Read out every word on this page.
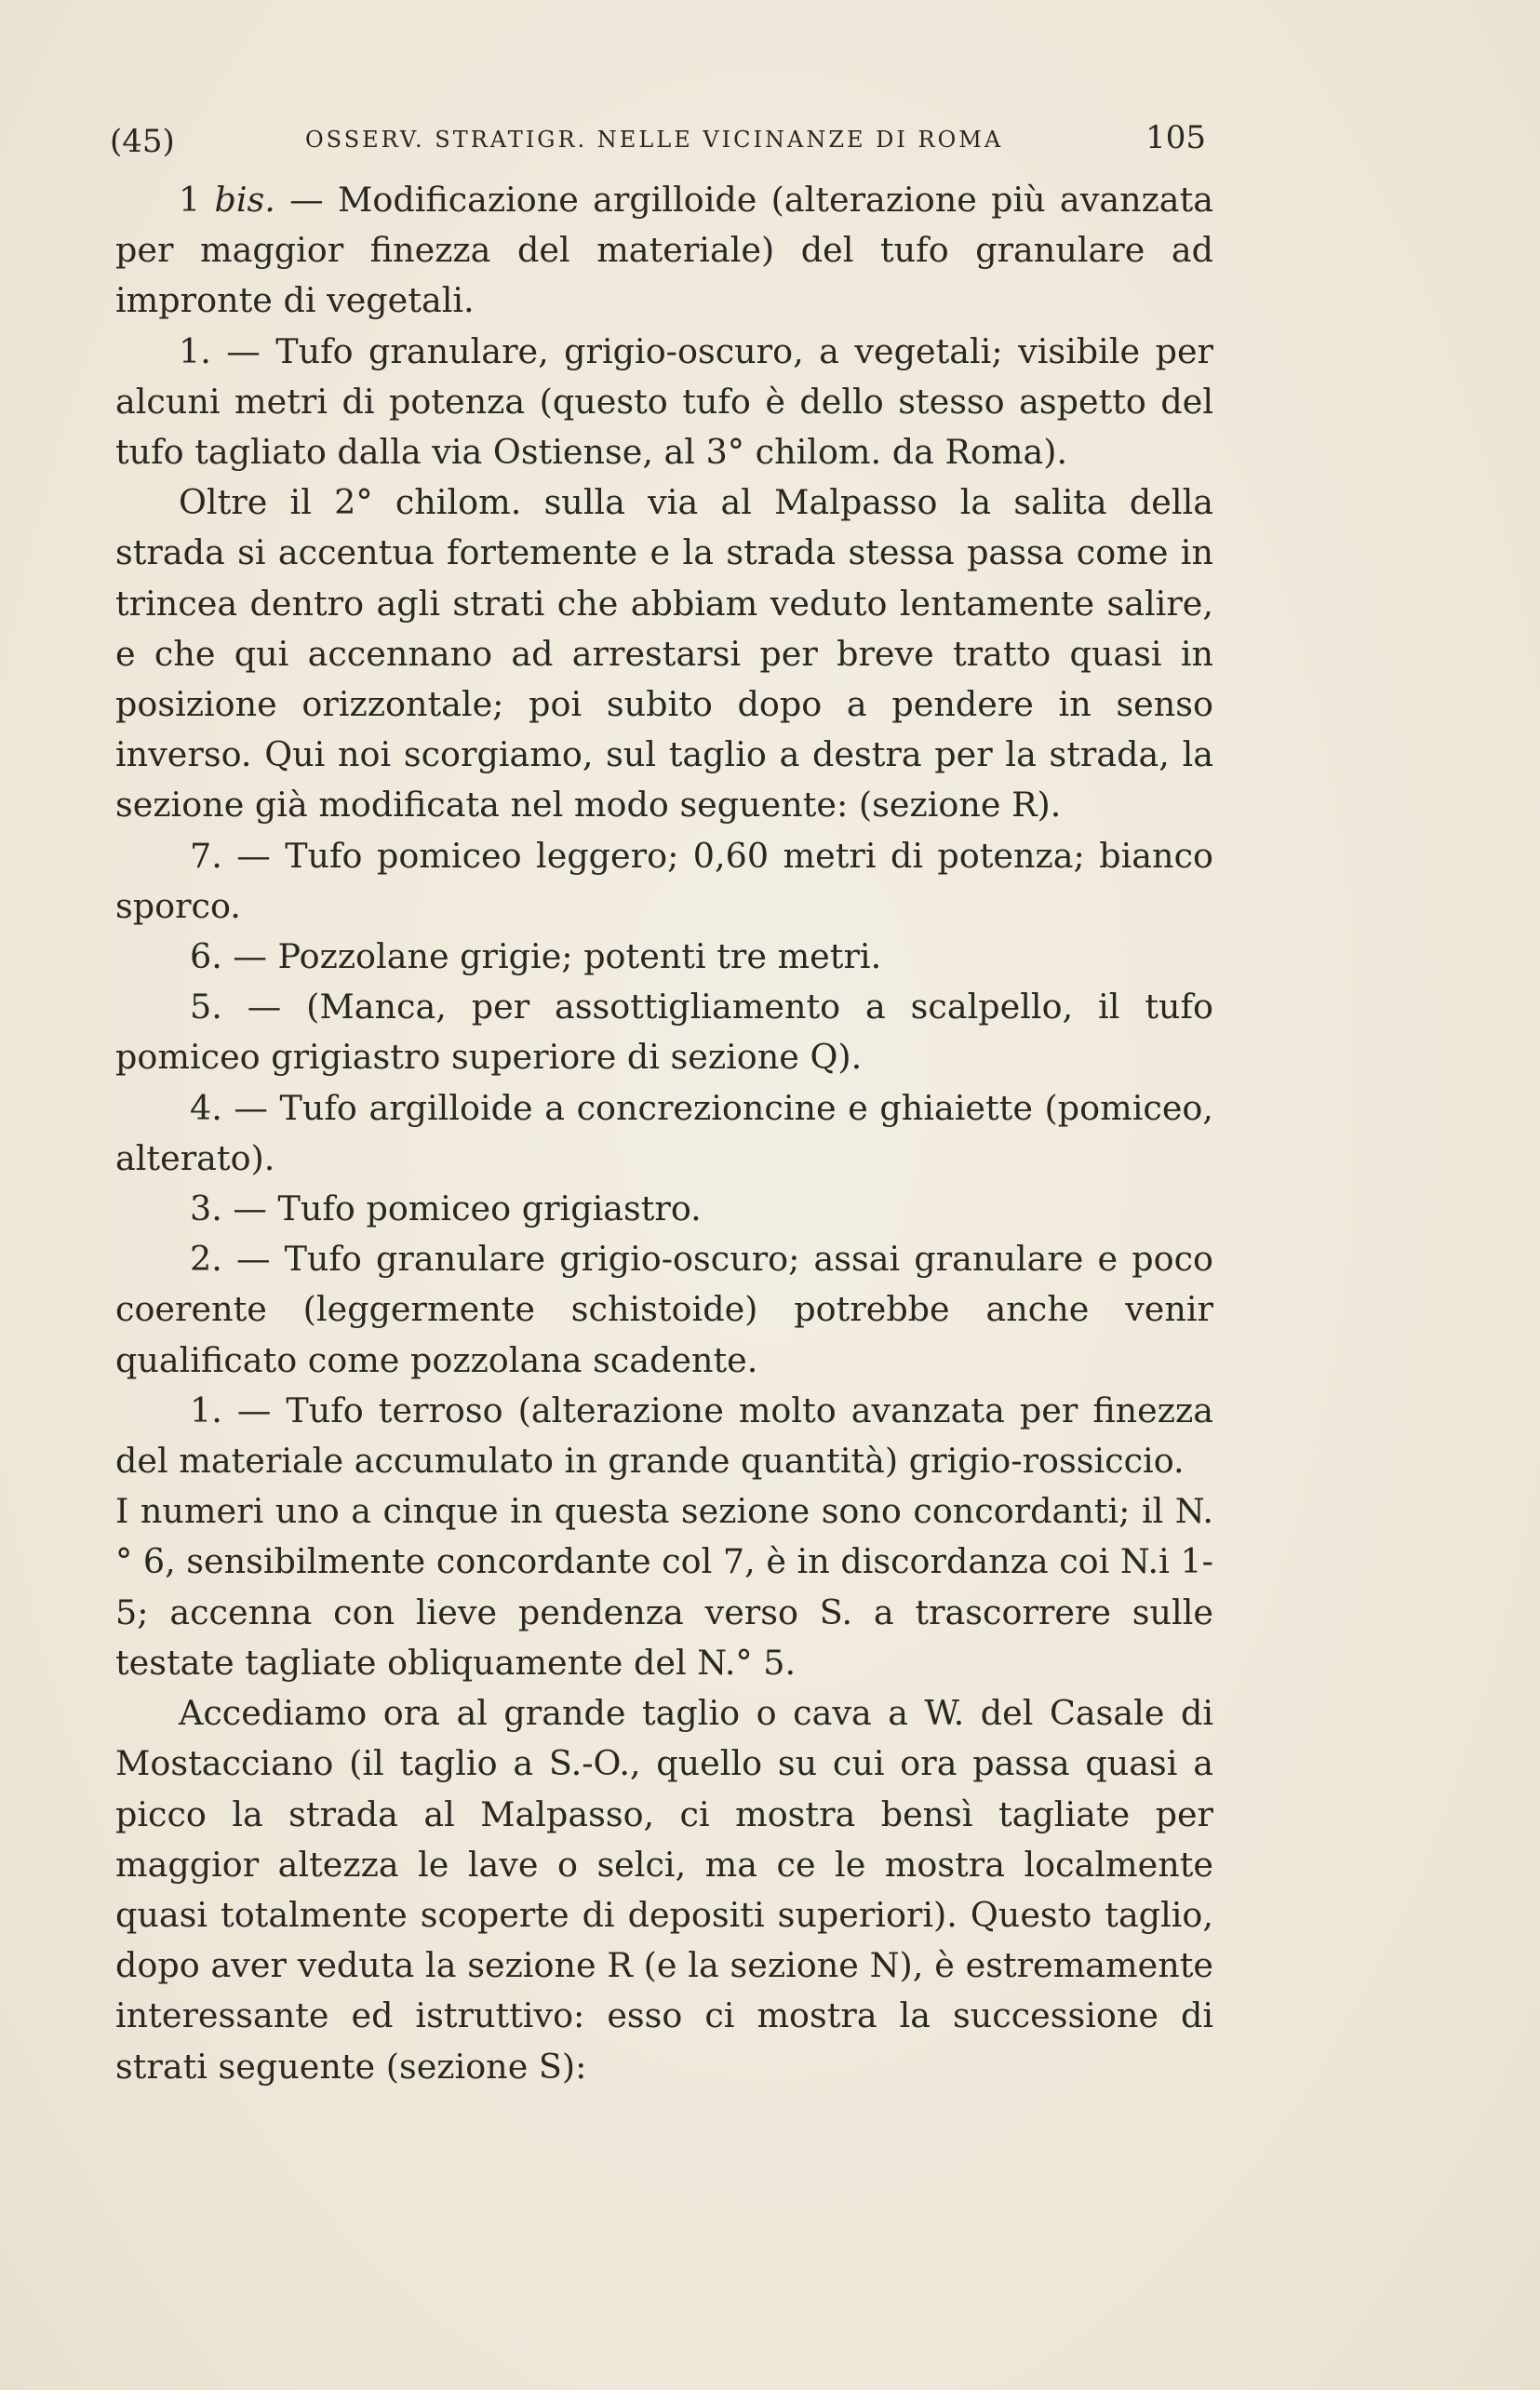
(45)	OSSERV. STRATIGR. NELLE VICINANZE DI ROMA	105

1 bis. — Modificazione argilloide (alterazione più avanzata per maggior finezza del materiale) del tufo granulare ad impronte di vegetali.

1. — Tufo granulare, grigio-oscuro, a vegetali; visibile per alcuni metri di potenza (questo tufo è dello stesso aspetto del tufo tagliato dalla via Ostiense, al 3° chilom. da Roma).

Oltre il 2° chilom. sulla via al Malpasso la salita della strada si accentua fortemente e la strada stessa passa come in trincea dentro agli strati che abbiam veduto lentamente salire, e che qui accennano ad arrestarsi per breve tratto quasi in posizione orizzontale; poi subito dopo a pendere in senso inverso. Qui noi scorgiamo, sul taglio a destra per la strada, la sezione già modificata nel modo seguente: (sezione R).

7. — Tufo pomiceo leggero; 0,60 metri di potenza; bianco sporco.

6. — Pozzolane grigie; potenti tre metri.

5. — (Manca, per assottigliamento a scalpello, il tufo pomiceo grigiastro superiore di sezione Q).

4. — Tufo argilloide a concrezioncine e ghiaiette (pomiceo, alterato).

3. — Tufo pomiceo grigiastro.

2. — Tufo granulare grigio-oscuro; assai granulare e poco coerente (leggermente schistoide) potrebbe anche venir qualificato come pozzolana scadente.

1. — Tufo terroso (alterazione molto avanzata per finezza del materiale accumulato in grande quantità) grigio-rossiccio.

I numeri uno a cinque in questa sezione sono concordanti; il N.° 6, sensibilmente concordante col 7, è in discordanza coi N.i 1-5; accenna con lieve pendenza verso S. a trascorrere sulle testate tagliate obliquamente del N.° 5.

Accediamo ora al grande taglio o cava a W. del Casale di Mostacciano (il taglio a S.-O., quello su cui ora passa quasi a picco la strada al Malpasso, ci mostra bensì tagliate per maggior altezza le lave o selci, ma ce le mostra localmente quasi totalmente scoperte di depositi superiori). Questo taglio, dopo aver veduta la sezione R (e la sezione N), è estremamente interessante ed istruttivo: esso ci mostra la successione di strati seguente (sezione S):
